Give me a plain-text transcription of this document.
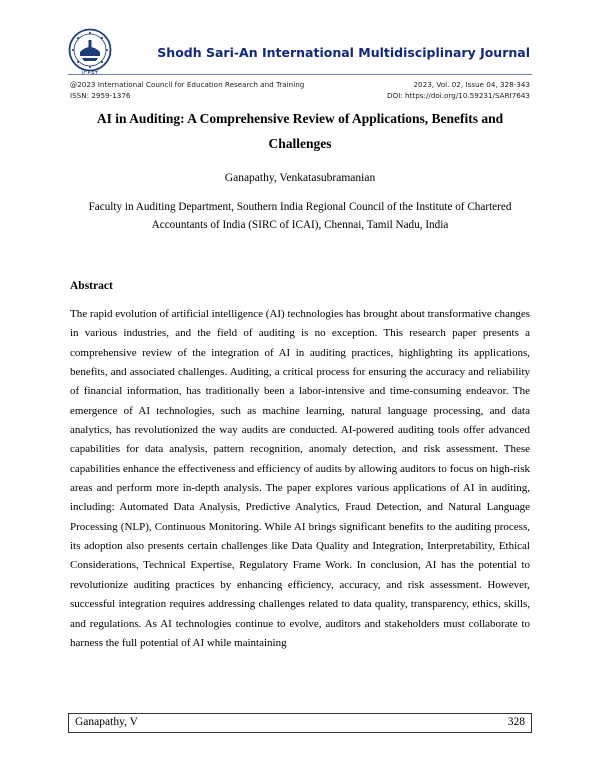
Shodh Sari-An International Multidisciplinary Journal
@2023 International Council for Education Research and Training
ISSN: 2959-1376
2023, Vol. 02, Issue 04, 328-343
DOI: https://doi.org/10.59231/SARI7643
AI in Auditing: A Comprehensive Review of Applications, Benefits and
Challenges
Ganapathy, Venkatasubramanian
Faculty in Auditing Department, Southern India Regional Council of the Institute of Chartered
Accountants of India (SIRC of ICAI), Chennai, Tamil Nadu, India
Abstract
The rapid evolution of artificial intelligence (AI) technologies has brought about transformative changes in various industries, and the field of auditing is no exception. This research paper presents a comprehensive review of the integration of AI in auditing practices, highlighting its applications, benefits, and associated challenges. Auditing, a critical process for ensuring the accuracy and reliability of financial information, has traditionally been a labor-intensive and time-consuming endeavor. The emergence of AI technologies, such as machine learning, natural language processing, and data analytics, has revolutionized the way audits are conducted. AI-powered auditing tools offer advanced capabilities for data analysis, pattern recognition, anomaly detection, and risk assessment. These capabilities enhance the effectiveness and efficiency of audits by allowing auditors to focus on high-risk areas and perform more in-depth analysis. The paper explores various applications of AI in auditing, including: Automated Data Analysis, Predictive Analytics, Fraud Detection, and Natural Language Processing (NLP), Continuous Monitoring. While AI brings significant benefits to the auditing process, its adoption also presents certain challenges like Data Quality and Integration, Interpretability, Ethical Considerations, Technical Expertise, Regulatory Frame Work. In conclusion, AI has the potential to revolutionize auditing practices by enhancing efficiency, accuracy, and risk assessment. However, successful integration requires addressing challenges related to data quality, transparency, ethics, skills, and regulations. As AI technologies continue to evolve, auditors and stakeholders must collaborate to harness the full potential of AI while maintaining
Ganapathy, V	328
